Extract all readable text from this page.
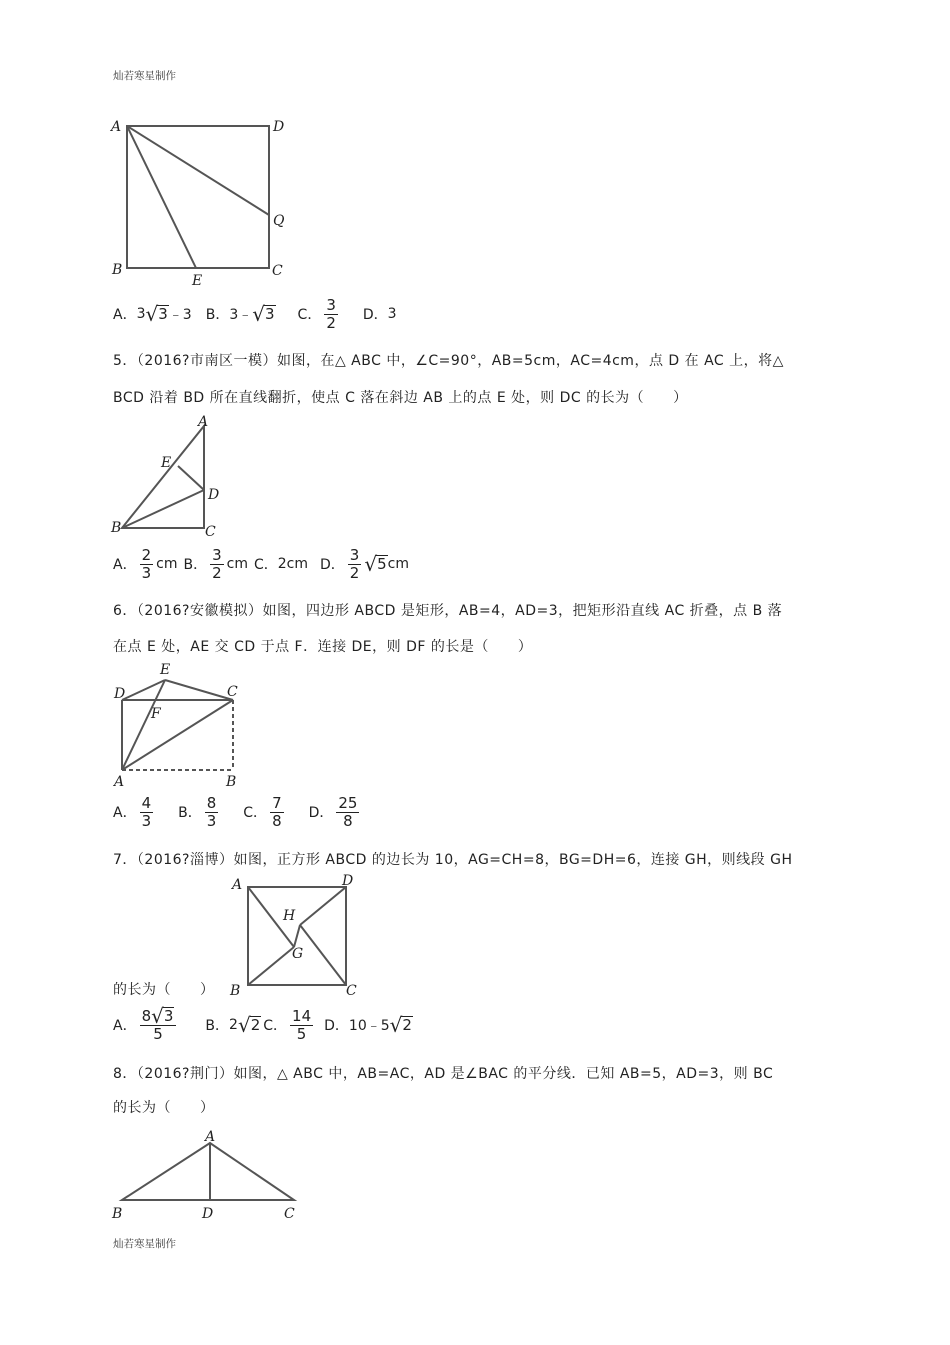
灿若寒星制作
A	D
Q
B
E
C
A． 3 √ 3 ﹣3 B． 3﹣ √ 3 C． $\frac{3}{2}$ D． 3
5．（2016?市南区一模）如图，在△ ABC 中，∠C=90°，AB=5cm，AC=4cm，点 D 在 AC 上，将△
BCD 沿着 BD 所在直线翻折，使点 C 落在斜边 AB 上的点 E 处，则 DC 的长为（　　）
A
E
D
B	C
A． $\frac{2}{3}$ cm B． $\frac{3}{2}$ cm C． 2cm D． $\frac{3}{2}$ √ 5 cm
6．（2016?安徽模拟）如图，四边形 ABCD 是矩形，AB=4，AD=3，把矩形沿直线 AC 折叠，点 B 落
在点 E 处，AE 交 CD 于点 F．连接 DE，则 DF 的长是（　　）
E
D	C
F
A	B
A． $\frac{4}{3}$ B． $\frac{8}{3}$ C． $\frac{7}{8}$ D． $\frac{25}{8}$
7．（2016?淄博）如图，正方形 ABCD 的边长为 10，AG=CH=8，BG=DH=6，连接 GH，则线段 GH
A	D
H
G
B	C
的长为（　　）
A． $\frac{8 √ 3}{5}$ B． 2 √ 2 C． $\frac{14}{5}$ D． 10﹣5 √ 2
8．（2016?荆门）如图，△ ABC 中，AB=AC，AD 是∠BAC 的平分线．已知 AB=5，AD=3，则 BC
的长为（　　）
A
B	D	C
灿若寒星制作
